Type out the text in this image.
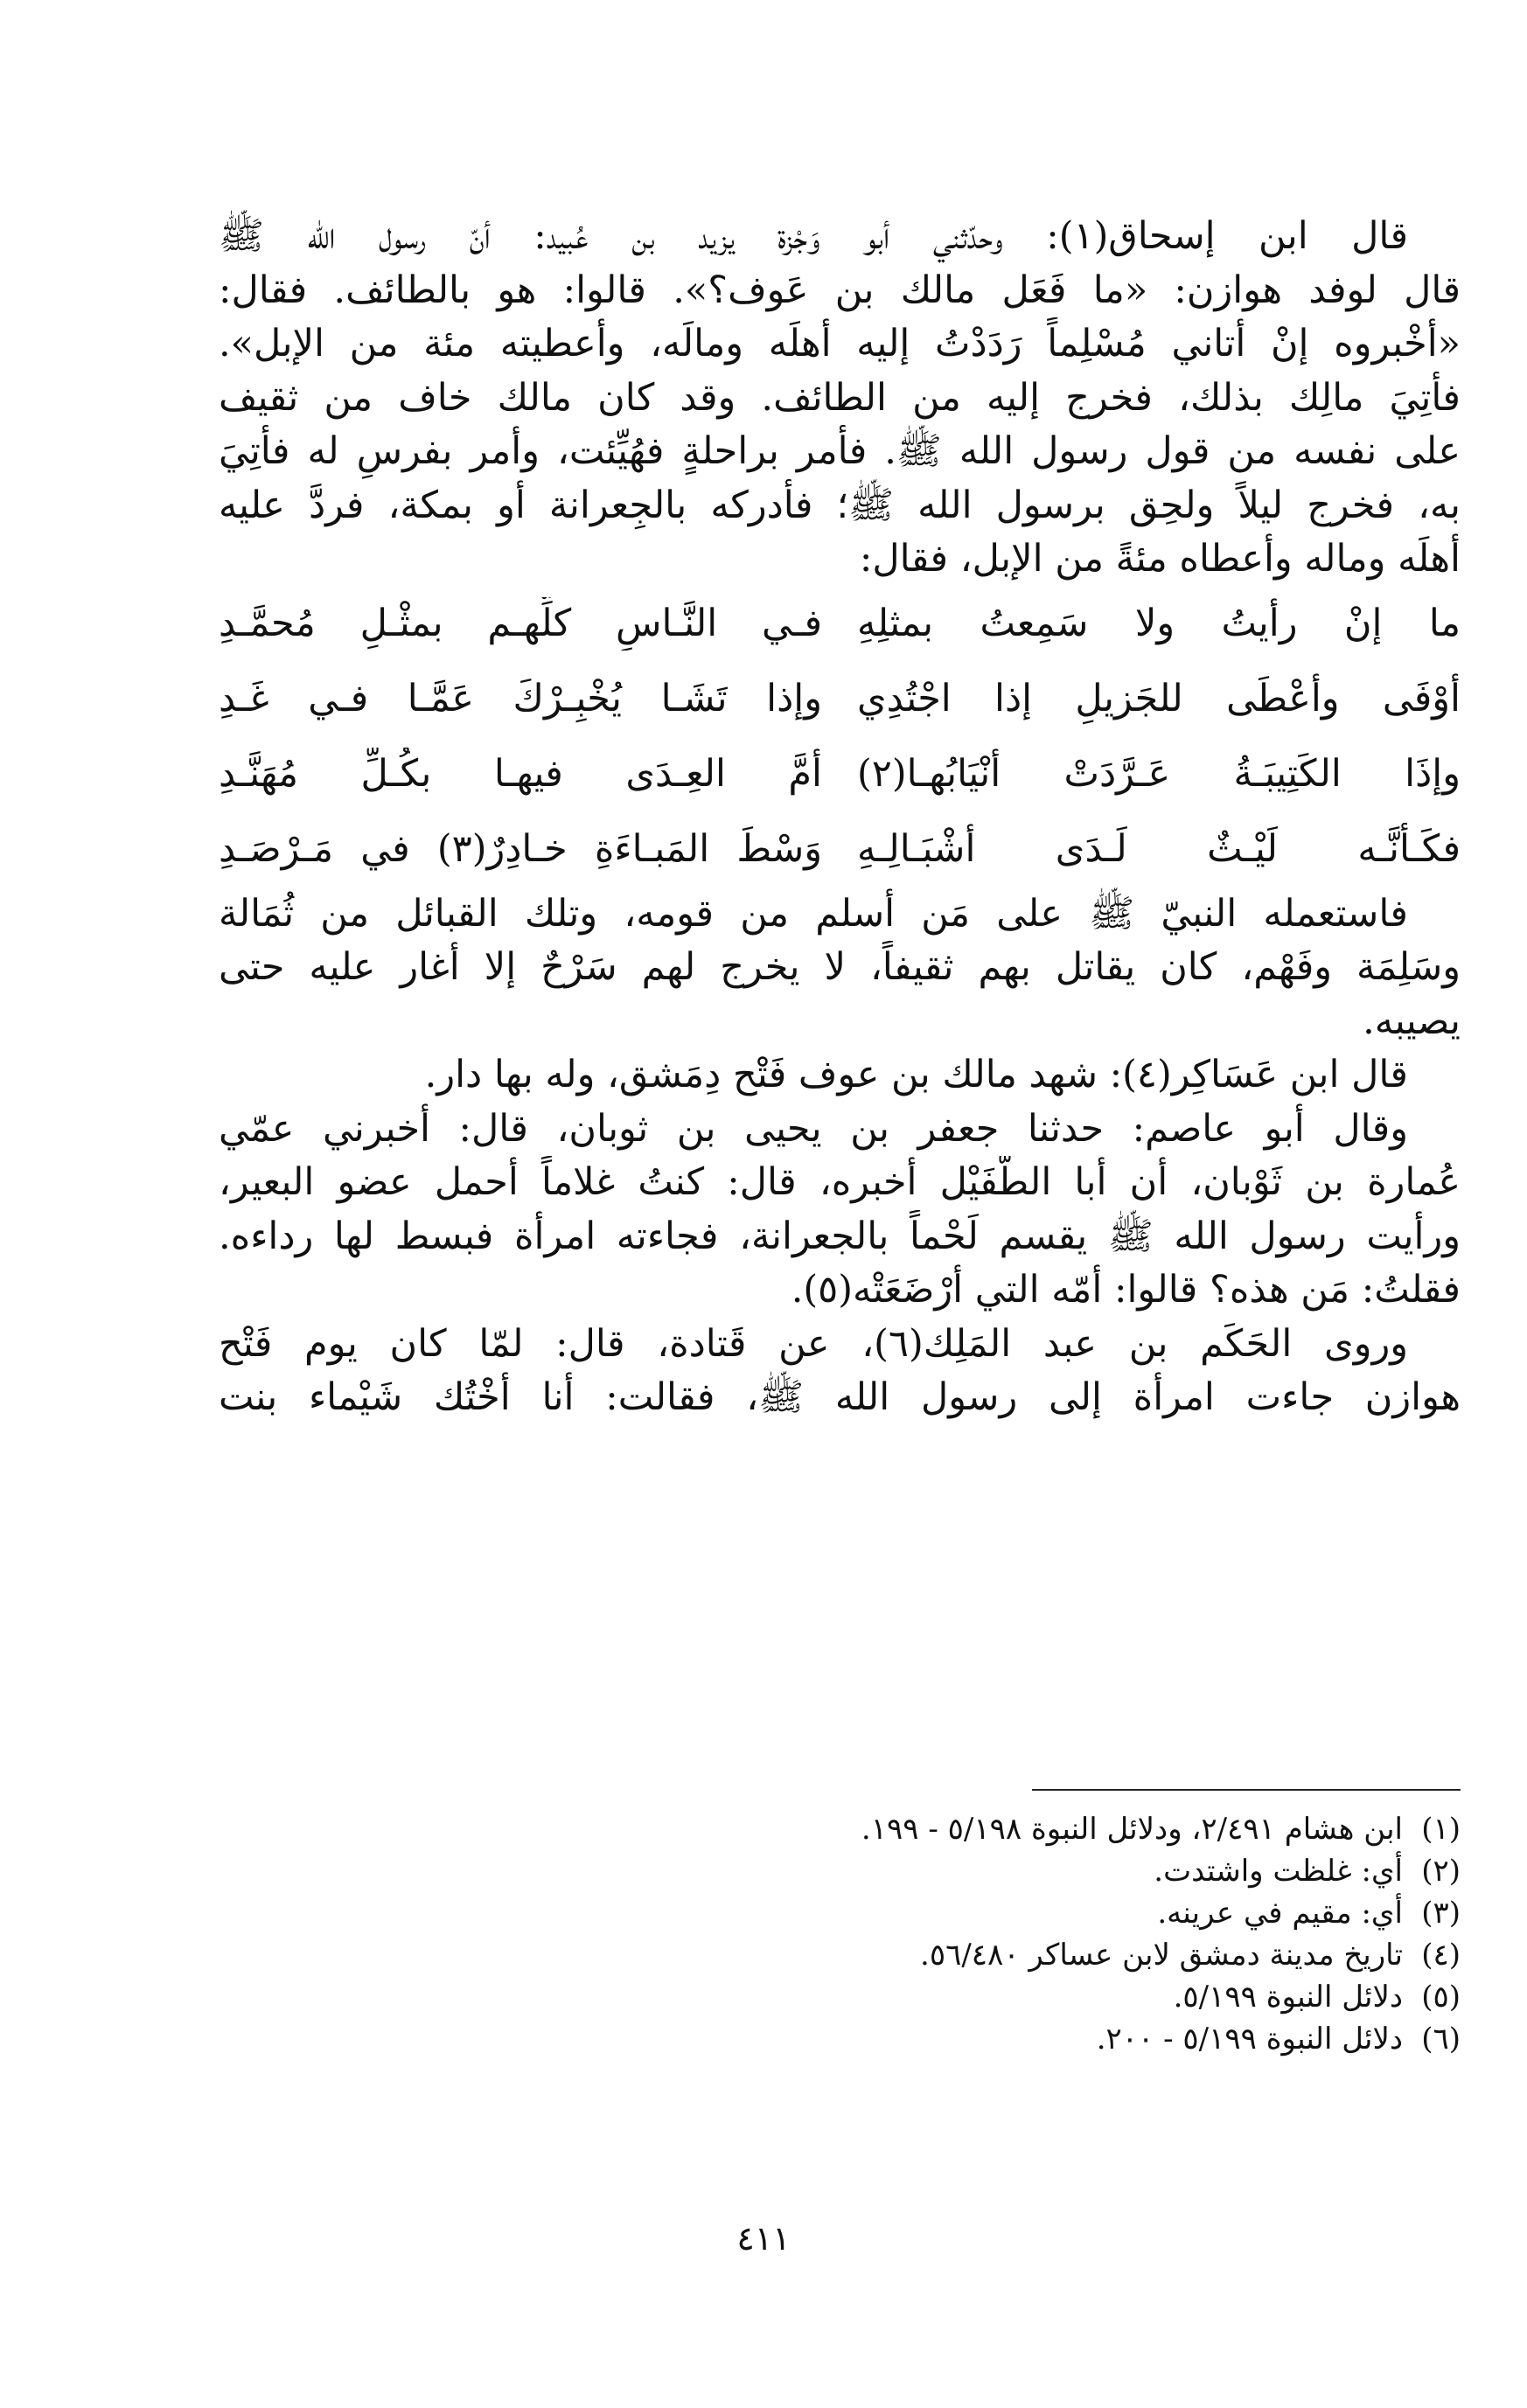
قال ابن إسحاق(١): وحدّثني أبو وَجْزة يزيد بن عُبيد: أنّ رسول الله ﷺ
قال لوفد هوازن: «ما فَعَل مالك بن عَوف؟». قالوا: هو بالطائف. فقال:
«أخْبروه إنْ أتاني مُسْلِماً رَدَدْتُ إليه أهلَه ومالَه، وأعطيته مئة من الإبل».
فأُتِيَ مالِك بذلك، فخرج إليه من الطائف. وقد كان مالك خاف من ثقيف
على نفسه من قول رسول الله ﷺ. فأمر براحلةٍ فهُيِّئت، وأمر بفرسٍ له فأُتِيَ
به، فخرج ليلاً ولحِق برسول الله ﷺ؛ فأدركه بالجِعرانة أو بمكة، فردَّ عليه
أهلَه وماله وأعطاه مئةً من الإبل، فقال:
ما إنْ رأيتُ ولا سَمِعتُ بمثلِهِ
فـي النَّـاسِ كلِّهـم بمثْـلِ مُحمَّـدِ
أوْفَى وأعْطَى للجَزيلِ إذا اجْتُدِي
وإذا تَشَـا يُخْبِـرْكَ عَمَّـا فـي غَـدِ
وإذَا الكَتِيبَـةُ عَـرَّدَتْ أنْيَابُهـا(٢)
أمَّ العِـدَى فيهـا بكُـلِّ مُهَنَّـدِ
فكَـأنَّـه لَيْـثٌ لَـدَى أشْبَـالِـهِ
وَسْطَ المَبـاءَةِ خـادِرٌ(٣) في مَـرْصَـدِ
فاستعمله النبيّ ﷺ على مَن أسلم من قومه، وتلك القبائل من ثُمَالة
وسَلِمَة وفَهْم، كان يقاتل بهم ثقيفاً، لا يخرج لهم سَرْحٌ إلا أغار عليه حتى
يصيبه.
قال ابن عَسَاكِر(٤): شهد مالك بن عوف فَتْح دِمَشق، وله بها دار.
وقال أبو عاصم: حدثنا جعفر بن يحيى بن ثوبان، قال: أخبرني عمّي
عُمارة بن ثَوْبان، أن أبا الطُّفَيْل أخبره، قال: كنتُ غلاماً أحمل عضو البعير،
ورأيت رسول الله ﷺ يقسم لَحْماً بالجعرانة، فجاءته امرأة فبسط لها رداءه.
فقلتُ: مَن هذه؟ قالوا: أمّه التي أرْضَعَتْه(٥).
وروى الحَكَم بن عبد المَلِك(٦)، عن قَتادة، قال: لمّا كان يوم فَتْح
هوازن جاءت امرأة إلى رسول الله ﷺ، فقالت: أنا أخْتُك شَيْماء بنت
(١)
ابن هشام ٢/٤٩١، ودلائل النبوة ٥/١٩٨ - ١٩٩.
(٢)
أي: غلظت واشتدت.
(٣)
أي: مقيم في عرينه.
(٤)
تاريخ مدينة دمشق لابن عساكر ٥٦/٤٨٠.
(٥)
دلائل النبوة ٥/١٩٩.
(٦)
دلائل النبوة ٥/١٩٩ - ٢٠٠.
٤١١
